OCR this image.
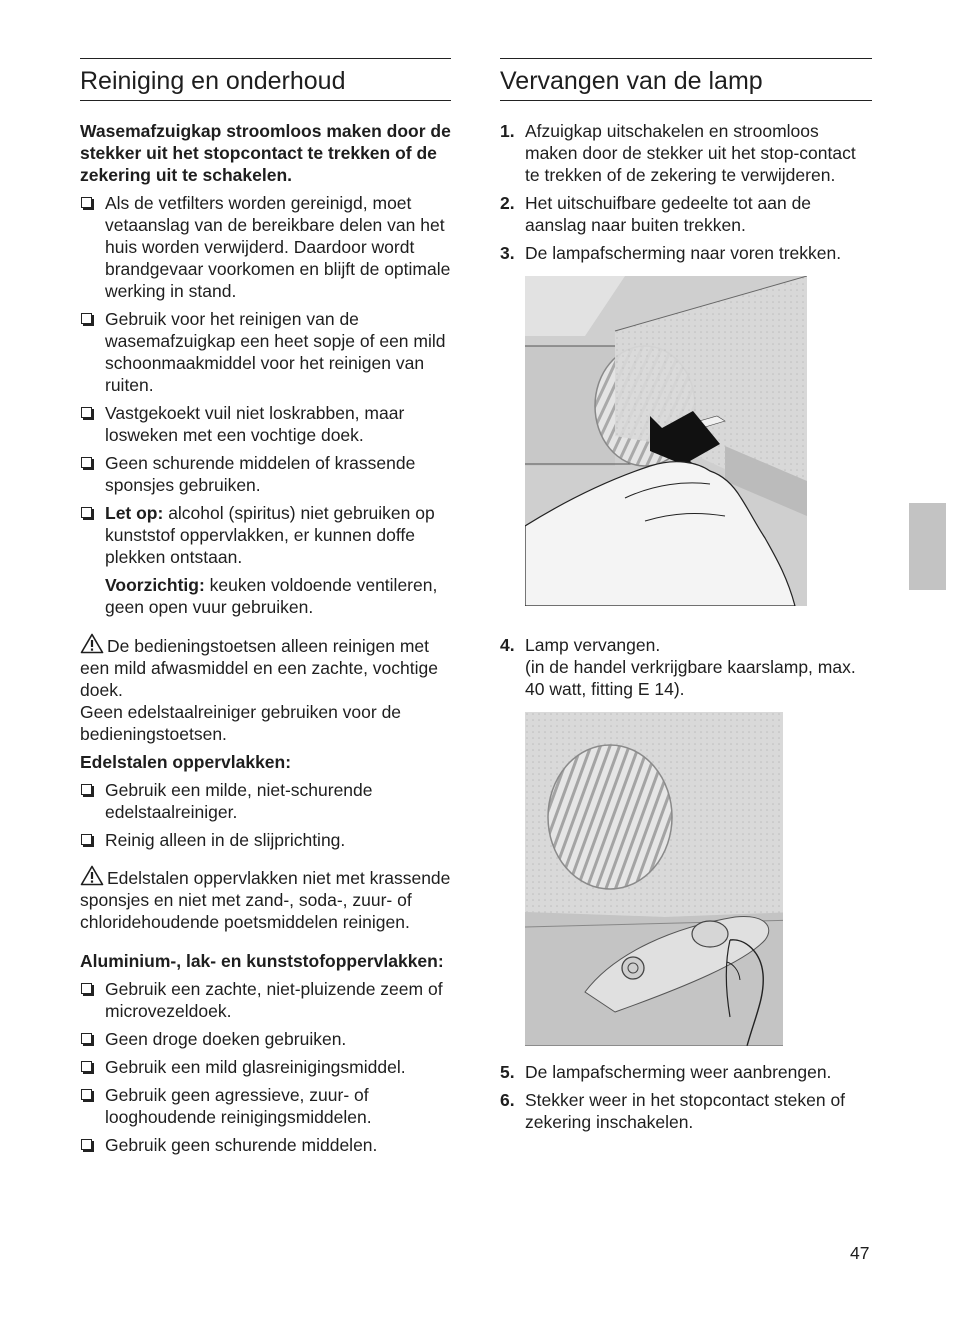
Reiniging en onderhoud

Wasemafzuigkap stroomloos maken door de stekker uit het stopcontact te trekken of de zekering uit te schakelen.

Als de vetfilters worden gereinigd, moet vetaanslag van de bereikbare delen van het huis worden verwijderd. Daardoor wordt brandgevaar voorkomen en blijft de optimale werking in stand.
Gebruik voor het reinigen van de wasemafzuigkap een heet sopje of een mild schoonmaakmiddel voor het reinigen van ruiten.
Vastgekoekt vuil niet loskrabben, maar losweken met een vochtige doek.
Geen schurende middelen of krassende sponsjes gebruiken.
Let op: alcohol (spiritus) niet gebruiken op kunststof oppervlakken, er kunnen doffe plekken ontstaan.

Voorzichtig: keuken voldoende ventileren, geen open vuur gebruiken.

De bedieningstoetsen alleen reinigen met een mild afwasmiddel en een zachte, vochtige doek.
Geen edelstaalreiniger gebruiken voor de bedieningstoetsen.

Edelstalen oppervlakken:

Gebruik een milde, niet-schurende edelstaalreiniger.
Reinig alleen in de slijprichting.

Edelstalen oppervlakken niet met krassende sponsjes en niet met zand-, soda-, zuur- of chloridehoudende poetsmiddelen reinigen.

Aluminium-, lak- en kunststofoppervlakken:

Gebruik een zachte, niet-pluizende zeem of microvezeldoek.
Geen droge doeken gebruiken.
Gebruik een mild glasreinigingsmiddel.
Gebruik geen agressieve, zuur- of looghoudende reinigingsmiddelen.
Gebruik geen schurende middelen.
Vervangen van de lamp
1. Afzuigkap uitschakelen en stroomloos maken door de stekker uit het stop-contact te trekken of de zekering te verwijderen.
2. Het uitschuifbare gedeelte tot aan de aanslag naar buiten trekken.
3. De lampafscherming naar voren trekken.
4. Lamp vervangen.
(in de handel verkrijgbare kaarslamp, max. 40 watt, fitting E 14).
5. De lampafscherming weer aanbrengen.
6. Stekker weer in het stopcontact steken of zekering inschakelen.
47
